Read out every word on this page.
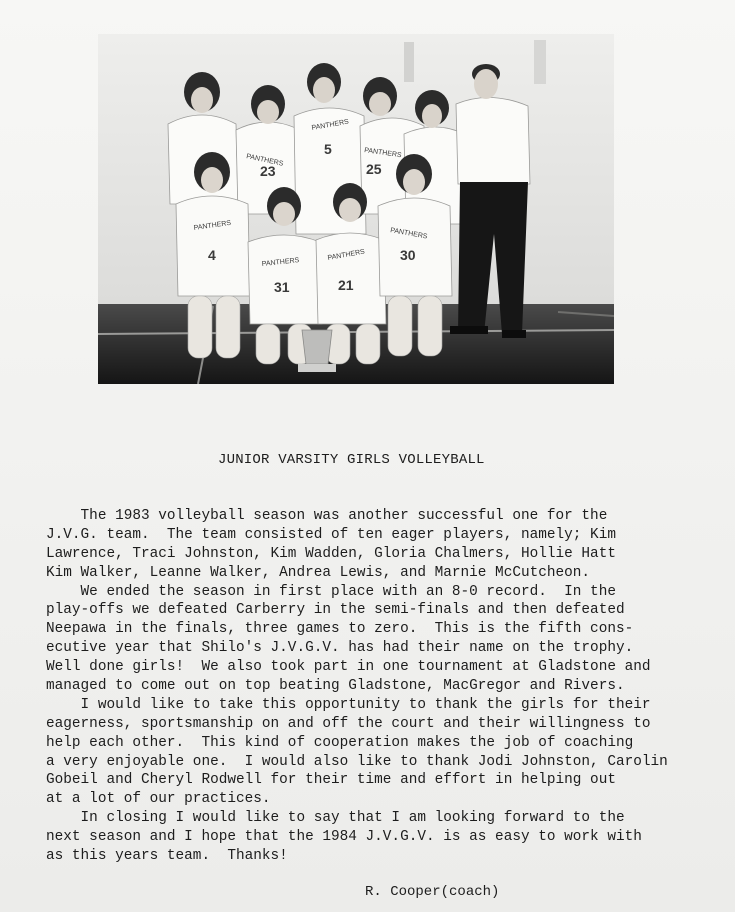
PANTHERS
PANTHERS	PANTHERS
PANTHERS
PANTHERS
PANTHERS
PANTHERS
5
23	25
4
31	21
30
JUNIOR VARSITY GIRLS VOLLEYBALL
The 1983 volleyball season was another successful one for the
J.V.G. team.  The team consisted of ten eager players, namely; Kim
Lawrence, Traci Johnston, Kim Wadden, Gloria Chalmers, Hollie Hatt
Kim Walker, Leanne Walker, Andrea Lewis, and Marnie McCutcheon.
We ended the season in first place with an 8-0 record.  In the
play-offs we defeated Carberry in the semi-finals and then defeated
Neepawa in the finals, three games to zero.  This is the fifth cons-
ecutive year that Shilo's J.V.G.V. has had their name on the trophy.
Well done girls!  We also took part in one tournament at Gladstone and
managed to come out on top beating Gladstone, MacGregor and Rivers.
I would like to take this opportunity to thank the girls for their
eagerness, sportsmanship on and off the court and their willingness to
help each other.  This kind of cooperation makes the job of coaching
a very enjoyable one.  I would also like to thank Jodi Johnston, Carolin
Gobeil and Cheryl Rodwell for their time and effort in helping out
at a lot of our practices.
In closing I would like to say that I am looking forward to the
next season and I hope that the 1984 J.V.G.V. is as easy to work with
as this years team.  Thanks!
R. Cooper(coach)
